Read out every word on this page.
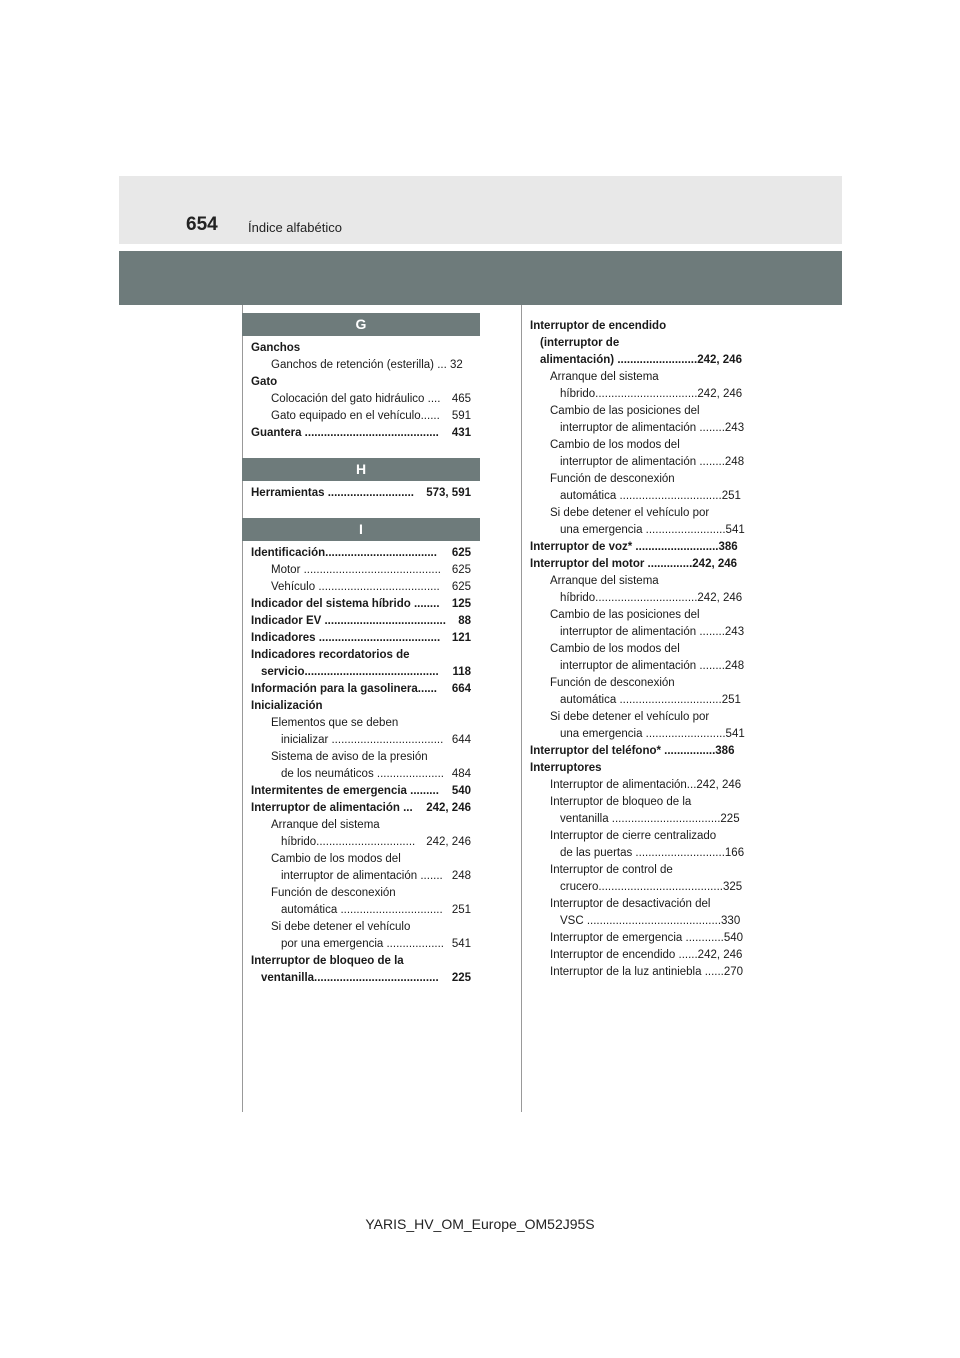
654 Índice alfabético
G
Ganchos
Ganchos de retención (esterilla) ... 32
Gato
Colocación del gato hidráulico .... 465
Gato equipado en el vehículo...... 591
Guantera .......................................... 431
H
Herramientas ........................... 573, 591
I
Identificación................................... 625
Motor ........................................... 625
Vehículo ...................................... 625
Indicador del sistema híbrido ........ 125
Indicador EV ...................................... 88
Indicadores ...................................... 121
Indicadores recordatorios de
servicio.......................................... 118
Información para la gasolinera...... 664
Inicialización
Elementos que se deben
inicializar ................................... 644
Sistema de aviso de la presión
de los neumáticos ..................... 484
Intermitentes de emergencia ......... 540
Interruptor de alimentación ... 242, 246
Arranque del sistema
híbrido............................... 242, 246
Cambio de los modos del
interruptor de alimentación ....... 248
Función de desconexión
automática ................................ 251
Si debe detener el vehículo
por una emergencia .................. 541
Interruptor de bloqueo de la
ventanilla....................................... 225
Interruptor de encendido
(interruptor de
alimentación) .........................242, 246
Arranque del sistema
híbrido................................242, 246
Cambio de las posiciones del
interruptor de alimentación ........243
Cambio de los modos del
interruptor de alimentación ........248
Función de desconexión
automática ................................251
Si debe detener el vehículo por
una emergencia .........................541
Interruptor de voz* ..........................386
Interruptor del motor ..............242, 246
Arranque del sistema
híbrido................................242, 246
Cambio de las posiciones del
interruptor de alimentación ........243
Cambio de los modos del
interruptor de alimentación ........248
Función de desconexión
automática ................................251
Si debe detener el vehículo por
una emergencia .........................541
Interruptor del teléfono* ................386
Interruptores
Interruptor de alimentación...242, 246
Interruptor de bloqueo de la
ventanilla ..................................225
Interruptor de cierre centralizado
de las puertas ............................166
Interruptor de control de
crucero.......................................325
Interruptor de desactivación del
VSC ..........................................330
Interruptor de emergencia ............540
Interruptor de encendido ......242, 246
Interruptor de la luz antiniebla ......270
YARIS_HV_OM_Europe_OM52J95S
